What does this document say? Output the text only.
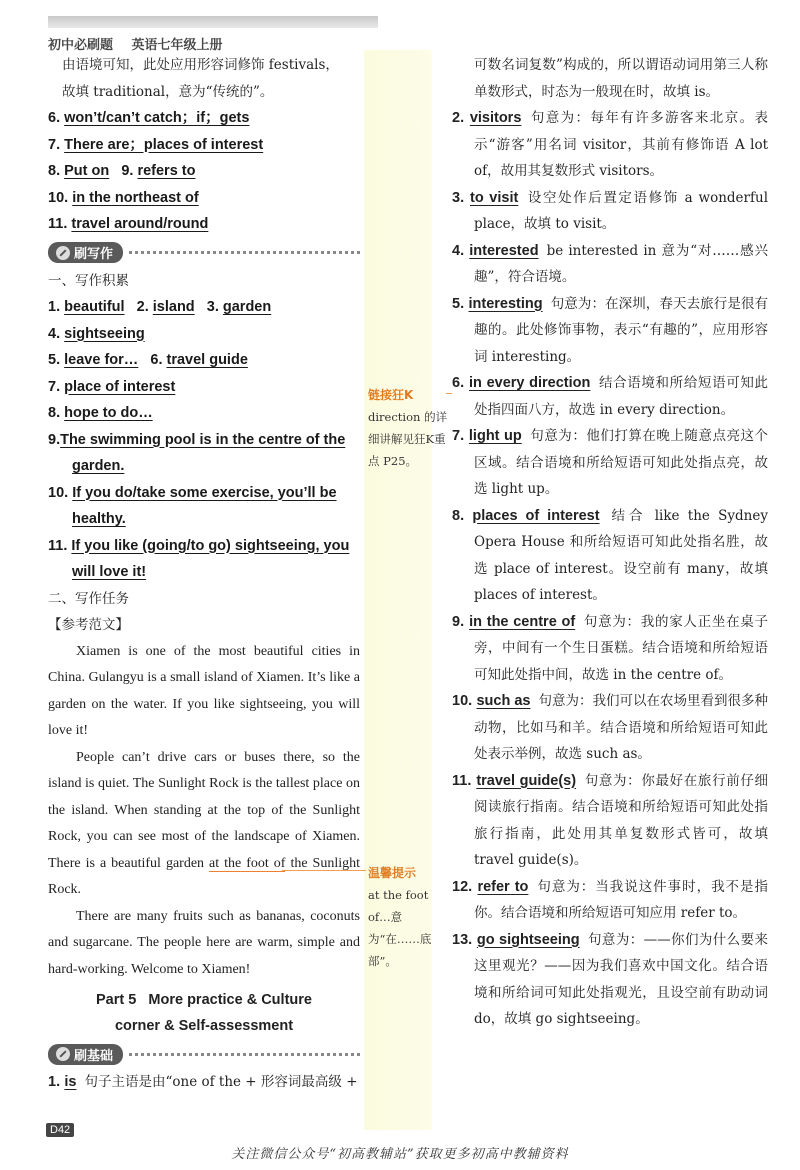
初中必刷题 英语七年级上册
链接狂K
direction 的详细讲解见狂K重点 P25。
温馨提示
at the foot of…意为“在……底部”。

由语境可知，此处应用形容词修饰 festivals，

故填 traditional，意为“传统的”。

6. won’t/can’t catch；if；gets
7. There are；places of interest
8. Put on 9. refers to
10. in the northeast of
11. travel around/round
刷写作
一、写作积累
1. beautiful 2. island 3. garden
4. sightseeing
5. leave for… 6. travel guide
7. place of interest
8. hope to do…
9.The swimming pool is in the centre of the garden.
10. If you do/take some exercise, you’ll be healthy.
11. If you like (going/to go) sightseeing, you will love it!
二、写作任务
【参考范文】

Xiamen is one of the most beautiful cities in China. Gulangyu is a small island of Xiamen. It’s like a garden on the water. If you like sightseeing, you will love it!

People can’t drive cars or buses there, so the island is quiet. The Sunlight Rock is the tallest place on the island. When standing at the top of the Sunlight Rock, you can see most of the landscape of Xiamen. There is a beautiful garden at the foot of the Sunlight Rock.

There are many fruits such as bananas, coconuts and sugarcane. The people here are warm, simple and hard-working. Welcome to Xiamen!

Part 5   More practice & Culture
corner & Self-assessment
刷基础
1. is 句子主语是由“one of the + 形容词最高级 +

可数名词复数”构成的，所以谓语动词用第三人称单数形式，时态为一般现在时，故填 is。

2. visitors 句意为：每年有许多游客来北京。表示“游客”用名词 visitor，其前有修饰语 A lot of，故用其复数形式 visitors。
3. to visit 设空处作后置定语修饰 a wonderful place，故填 to visit。
4. interested be interested in 意为“对……感兴趣”，符合语境。
5. interesting 句意为：在深圳，春天去旅行是很有趣的。此处修饰事物，表示“有趣的”，应用形容词 interesting。
6. in every direction 结合语境和所给短语可知此处指四面八方，故选 in every direction。
7. light up 句意为：他们打算在晚上随意点亮这个区域。结合语境和所给短语可知此处指点亮，故选 light up。
8. places of interest 结合 like the Sydney Opera House 和所给短语可知此处指名胜，故选 place of interest。设空前有 many，故填 places of interest。
9. in the centre of 句意为：我的家人正坐在桌子旁，中间有一个生日蛋糕。结合语境和所给短语可知此处指中间，故选 in the centre of。
10. such as 句意为：我们可以在农场里看到很多种动物，比如马和羊。结合语境和所给短语可知此处表示举例，故选 such as。
11. travel guide(s) 句意为：你最好在旅行前仔细阅读旅行指南。结合语境和所给短语可知此处指旅行指南，此处用其单复数形式皆可，故填 travel guide(s)。
12. refer to 句意为：当我说这件事时，我不是指你。结合语境和所给短语可知应用 refer to。
13. go sightseeing 句意为：——你们为什么要来这里观光？——因为我们喜欢中国文化。结合语境和所给词可知此处指观光，且设空前有助动词 do，故填 go sightseeing。
D42
关注微信公众号“初高教辅站”获取更多初高中教辅资料
